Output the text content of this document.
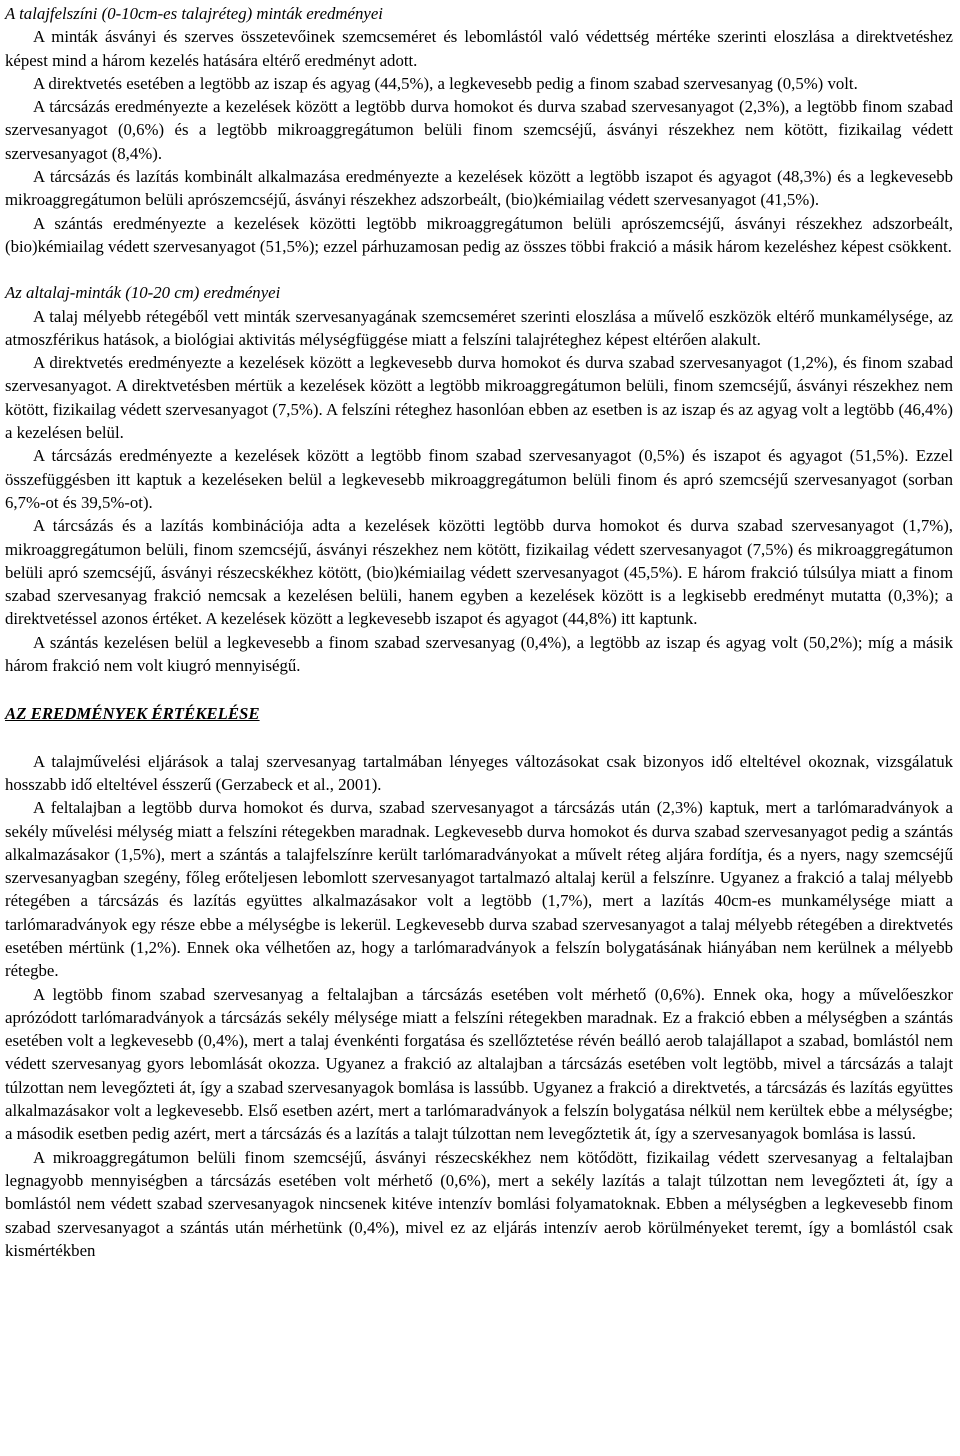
A talajfelszíni (0-10cm-es talajréteg) minták eredményei

A minták ásványi és szerves összetevőinek szemcseméret és lebomlástól való védettség mértéke szerinti eloszlása a direktvetéshez képest mind a három kezelés hatására eltérő eredményt adott.

A direktvetés esetében a legtöbb az iszap és agyag (44,5%), a legkevesebb pedig a finom szabad szervesanyag (0,5%) volt.

A tárcsázás eredményezte a kezelések között a legtöbb durva homokot és durva szabad szervesanyagot (2,3%), a legtöbb finom szabad szervesanyagot (0,6%) és a legtöbb mikroaggregátumon belüli finom szemcséjű, ásványi részekhez nem kötött, fizikailag védett szervesanyagot (8,4%).

A tárcsázás és lazítás kombinált alkalmazása eredményezte a kezelések között a legtöbb iszapot és agyagot (48,3%) és a legkevesebb mikroaggregátumon belüli aprószemcséjű, ásványi részekhez adszorbeált, (bio)kémiailag védett szervesanyagot (41,5%).

A szántás eredményezte a kezelések közötti legtöbb mikroaggregátumon belüli aprószemcséjű, ásványi részekhez adszorbeált, (bio)kémiailag védett szervesanyagot (51,5%); ezzel párhuzamosan pedig az összes többi frakció a másik három kezeléshez képest csökkent.

Az altalaj-minták (10-20 cm) eredményei

A talaj mélyebb rétegéből vett minták szervesanyagának szemcseméret szerinti eloszlása a művelő eszközök eltérő munkamélysége, az atmoszférikus hatások, a biológiai aktivitás mélységfüggése miatt a felszíni talajréteghez képest eltérően alakult.

A direktvetés eredményezte a kezelések között a legkevesebb durva homokot és durva szabad szervesanyagot (1,2%), és finom szabad szervesanyagot. A direktvetésben mértük a kezelések között a legtöbb mikroaggregátumon belüli, finom szemcséjű, ásványi részekhez nem kötött, fizikailag védett szervesanyagot (7,5%). A felszíni réteghez hasonlóan ebben az esetben is az iszap és az agyag volt a legtöbb (46,4%) a kezelésen belül.

A tárcsázás eredményezte a kezelések között a legtöbb finom szabad szervesanyagot (0,5%) és iszapot és agyagot (51,5%). Ezzel összefüggésben itt kaptuk a kezeléseken belül a legkevesebb mikroaggregátumon belüli finom és apró szemcséjű szervesanyagot (sorban 6,7%-ot és 39,5%-ot).

A tárcsázás és a lazítás kombinációja adta a kezelések közötti legtöbb durva homokot és durva szabad szervesanyagot (1,7%), mikroaggregátumon belüli, finom szemcséjű, ásványi részekhez nem kötött, fizikailag védett szervesanyagot (7,5%) és mikroaggregátumon belüli apró szemcséjű, ásványi részecskékhez kötött, (bio)kémiailag védett szervesanyagot (45,5%). E három frakció túlsúlya miatt a finom szabad szervesanyag frakció nemcsak a kezelésen belüli, hanem egyben a kezelések között is a legkisebb eredményt mutatta (0,3%); a direktvetéssel azonos értéket. A kezelések között a legkevesebb iszapot és agyagot (44,8%) itt kaptunk.

A szántás kezelésen belül a legkevesebb a finom szabad szervesanyag (0,4%), a legtöbb az iszap és agyag volt (50,2%); míg a másik három frakció nem volt kiugró mennyiségű.

AZ EREDMÉNYEK ÉRTÉKELÉSE

A talajművelési eljárások a talaj szervesanyag tartalmában lényeges változásokat csak bizonyos idő elteltével okoznak, vizsgálatuk hosszabb idő elteltével ésszerű (Gerzabeck et al., 2001).

A feltalajban a legtöbb durva homokot és durva, szabad szervesanyagot a tárcsázás után (2,3%) kaptuk, mert a tarlómaradványok a sekély művelési mélység miatt a felszíni rétegekben maradnak. Legkevesebb durva homokot és durva szabad szervesanyagot pedig a szántás alkalmazásakor (1,5%), mert a szántás a talajfelszínre került tarlómaradványokat a művelt réteg aljára fordítja, és a nyers, nagy szemcséjű szervesanyagban szegény, főleg erőteljesen lebomlott szervesanyagot tartalmazó altalaj kerül a felszínre. Ugyanez a frakció a talaj mélyebb rétegében a tárcsázás és lazítás együttes alkalmazásakor volt a legtöbb (1,7%), mert a lazítás 40cm-es munkamélysége miatt a tarlómaradványok egy része ebbe a mélységbe is lekerül. Legkevesebb durva szabad szervesanyagot a talaj mélyebb rétegében a direktvetés esetében mértünk (1,2%). Ennek oka vélhetően az, hogy a tarlómaradványok a felszín bolygatásának hiányában nem kerülnek a mélyebb rétegbe.

A legtöbb finom szabad szervesanyag a feltalajban a tárcsázás esetében volt mérhető (0,6%). Ennek oka, hogy a művelőeszkor aprózódott tarlómaradványok a tárcsázás sekély mélysége miatt a felszíni rétegekben maradnak. Ez a frakció ebben a mélységben a szántás esetében volt a legkevesebb (0,4%), mert a talaj évenkénti forgatása és szellőztetése révén beálló aerob talajállapot a szabad, bomlástól nem védett szervesanyag gyors lebomlását okozza. Ugyanez a frakció az altalajban a tárcsázás esetében volt legtöbb, mivel a tárcsázás a talajt túlzottan nem levegőzteti át, így a szabad szervesanyagok bomlása is lassúbb. Ugyanez a frakció a direktvetés, a tárcsázás és lazítás együttes alkalmazásakor volt a legkevesebb. Első esetben azért, mert a tarlómaradványok a felszín bolygatása nélkül nem kerültek ebbe a mélységbe; a második esetben pedig azért, mert a tárcsázás és a lazítás a talajt túlzottan nem levegőztetik át, így a szervesanyagok bomlása is lassú.

A mikroaggregátumon belüli finom szemcséjű, ásványi részecskékhez nem kötődött, fizikailag védett szervesanyag a feltalajban legnagyobb mennyiségben a tárcsázás esetében volt mérhető (0,6%), mert a sekély lazítás a talajt túlzottan nem levegőzteti át, így a bomlástól nem védett szabad szervesanyagok nincsenek kitéve intenzív bomlási folyamatoknak. Ebben a mélységben a legkevesebb finom szabad szervesanyagot a szántás után mérhetünk (0,4%), mivel ez az eljárás intenzív aerob körülményeket teremt, így a bomlástól csak kismértékben
